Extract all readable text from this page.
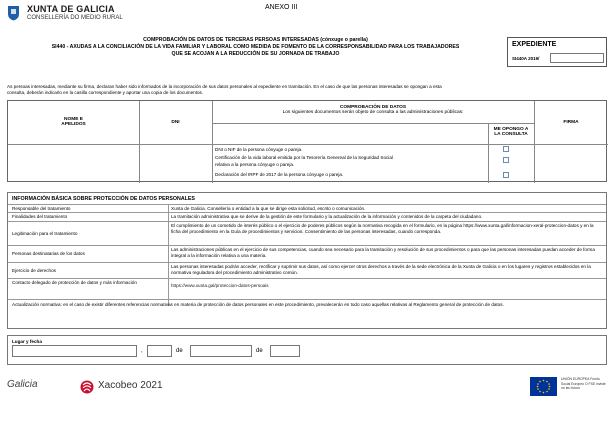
XUNTA DE GALICIA
CONSELLERÍA DO MEDIO RURAL
ANEXO III
COMPROBACIÓN DE DATOS DE TERCERAS PERSOAS INTERESADAS (cónxuge o parella)
SI440 - AXUDAS A LA CONCILIACIÓN DE LA VIDA FAMILIAR Y LABORAL COMO MEDIDA DE FOMENTO DE LA CORRESPONSABILIDAD PARA LOS TRABAJADORES
QUE SE ACOJAN A LA REDUCCIÓN DE SU JORNADA DE TRABAJO
EXPEDIENTE
SI440A 2019/
As persoas interesadas, mediante su firma, declaran haber sido informados de la incorporación de sus datos personales al expediente en tramitación. En el caso de que las personas interesadas se opongan a esta
consulta, deberán indicarlo en la casilla correspondiente y aportar una copia de los documentos.
NOME E
APELIDOS	DNI
COMPROBACIÓN DE DATOS
Los siguientes documentos serán objeto de consulta a las administraciones públicas:
ME OPONGO A
LA CONSULTA
FIRMA
DNI o NIF de la persona cónyuge o pareja.
Certificación de la vida laboral emitida por la Tesorería Genereal de la Seguridad Social
relativa a la persona cónyuge o pareja.
Declaración del IRPF de 2017 de la persona cónyuge o pareja.
INFORMACIÓN BÁSICA SOBRE PROTECCIÓN DE DATOS PERSONALES
Responsable del tratamiento	Xunta de Galicia. Consellería o entidad a la que se dirige esta solicitud, escrito o comunicación.
Finalidades del tratamiento	La tramitación administrativa que se derive de la gestión de este formulario y la actualización de la información y contenidos de la carpeta del ciudadano.
Legitimación para el tratamiento
El cumplimiento de un cometido de interés público o el ejercicio de poderes públicos según la normativa recogida en el formulario, en la página https://www.xunta.gal/informacion-xeral-proteccion-datos y en la ficha del procedimiento en la Guía de procedimientos y servicios. Consentimiento de las personas interesadas, cuando corresponda.
Personas destinatarias de los datos
Las administraciones públicas en el ejercicio de sus competencias, cuando sea necesario para la tramitación y resolución de sus procedimientos o para que las personas interesadas puedan acceder de forma integral a la información relativa a una materia.
Ejercicio de derechos
Las personas interesadas podrán acceder, rectificar y suprimir sus datos, así como ejercer otros derechos a través de la sede electrónica de la Xunta de Galicia o en los lugares y registros establecidos en la normativa reguladora del procedimiento administrativo común.
Contacto delegado de protección de datos y más información
https://www.xunta.gal/proteccion-datos-persoais
Actualización normativa: en el caso de existir diferentes referencias normativas en materia de protección de datos personales en este procedimiento, prevalecerán en todo caso aquellas relativas al Reglamento general de protección de datos.
Lugar y fecha
,	de	de
Galicia	Xacobeo 2021
UNIÓN EUROPEA Fondo Social Europeo O FSE inviste no teu futuro
